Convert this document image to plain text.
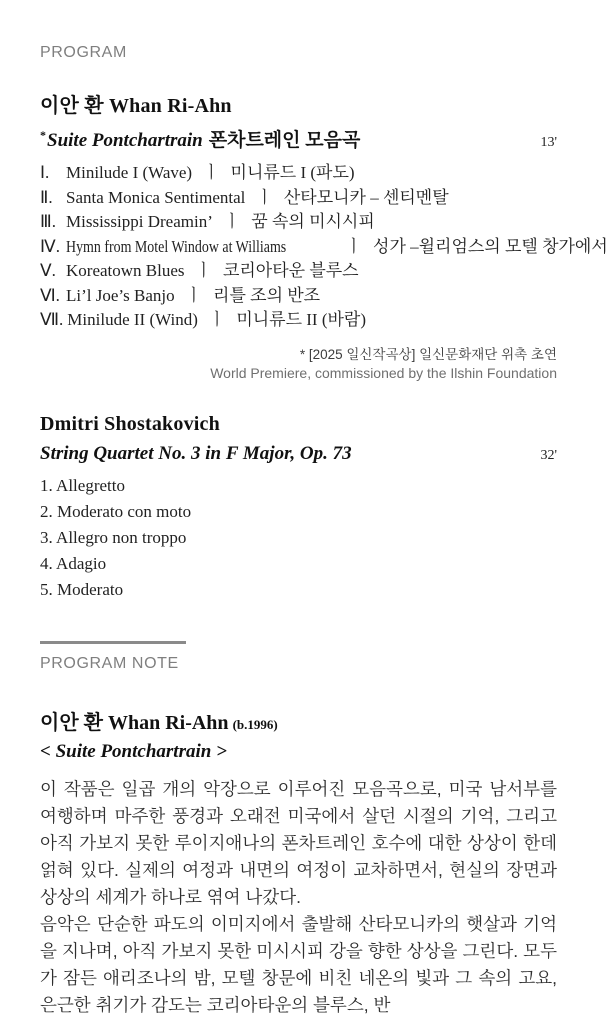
PROGRAM
이안 환 Whan Ri-Ahn
*Suite Pontchartrain 폰차트레인 모음곡	13'
Ⅰ. Minilude I (Wave) ㅣ 미니류드 I (파도)
Ⅱ. Santa Monica Sentimental ㅣ 산타모니카 – 센티멘탈
Ⅲ. Mississippi Dreamin’ ㅣ 꿈 속의 미시시피
Ⅳ. Hymn from Motel Window at Williams	ㅣ 성가 –윌리엄스의 모텔 창가에서
Ⅴ. Koreatown Blues ㅣ 코리아타운 블루스
Ⅵ. Li’l Joe’s Banjo ㅣ 리틀 조의 반조
Ⅶ. Minilude II (Wind) ㅣ 미니류드 II (바람)
* [2025 일신작곡상] 일신문화재단 위촉 초연
World Premiere, commissioned by the Ilshin Foundation
Dmitri Shostakovich
String Quartet No. 3 in F Major, Op. 73	32'
1. Allegretto
2. Moderato con moto
3. Allegro non troppo
4. Adagio
5. Moderato
PROGRAM NOTE
이안 환 Whan Ri-Ahn (b.1996)
< Suite Pontchartrain >

이 작품은 일곱 개의 악장으로 이루어진 모음곡으로, 미국 남서부를 여행하며 마주한 풍경과 오래전 미국에서 살던 시절의 기억, 그리고 아직 가보지 못한 루이지애나의 폰차트레인 호수에 대한 상상이 한데 얽혀 있다. 실제의 여정과 내면의 여정이 교차하면서, 현실의 장면과 상상의 세계가 하나로 엮여 나갔다.

음악은 단순한 파도의 이미지에서 출발해 산타모니카의 햇살과 기억을 지나며, 아직 가보지 못한 미시시피 강을 향한 상상을 그린다. 모두가 잠든 애리조나의 밤, 모텔 창문에 비친 네온의 빛과 그 속의 고요, 은근한 취기가 감도는 코리아타운의 블루스, 반
